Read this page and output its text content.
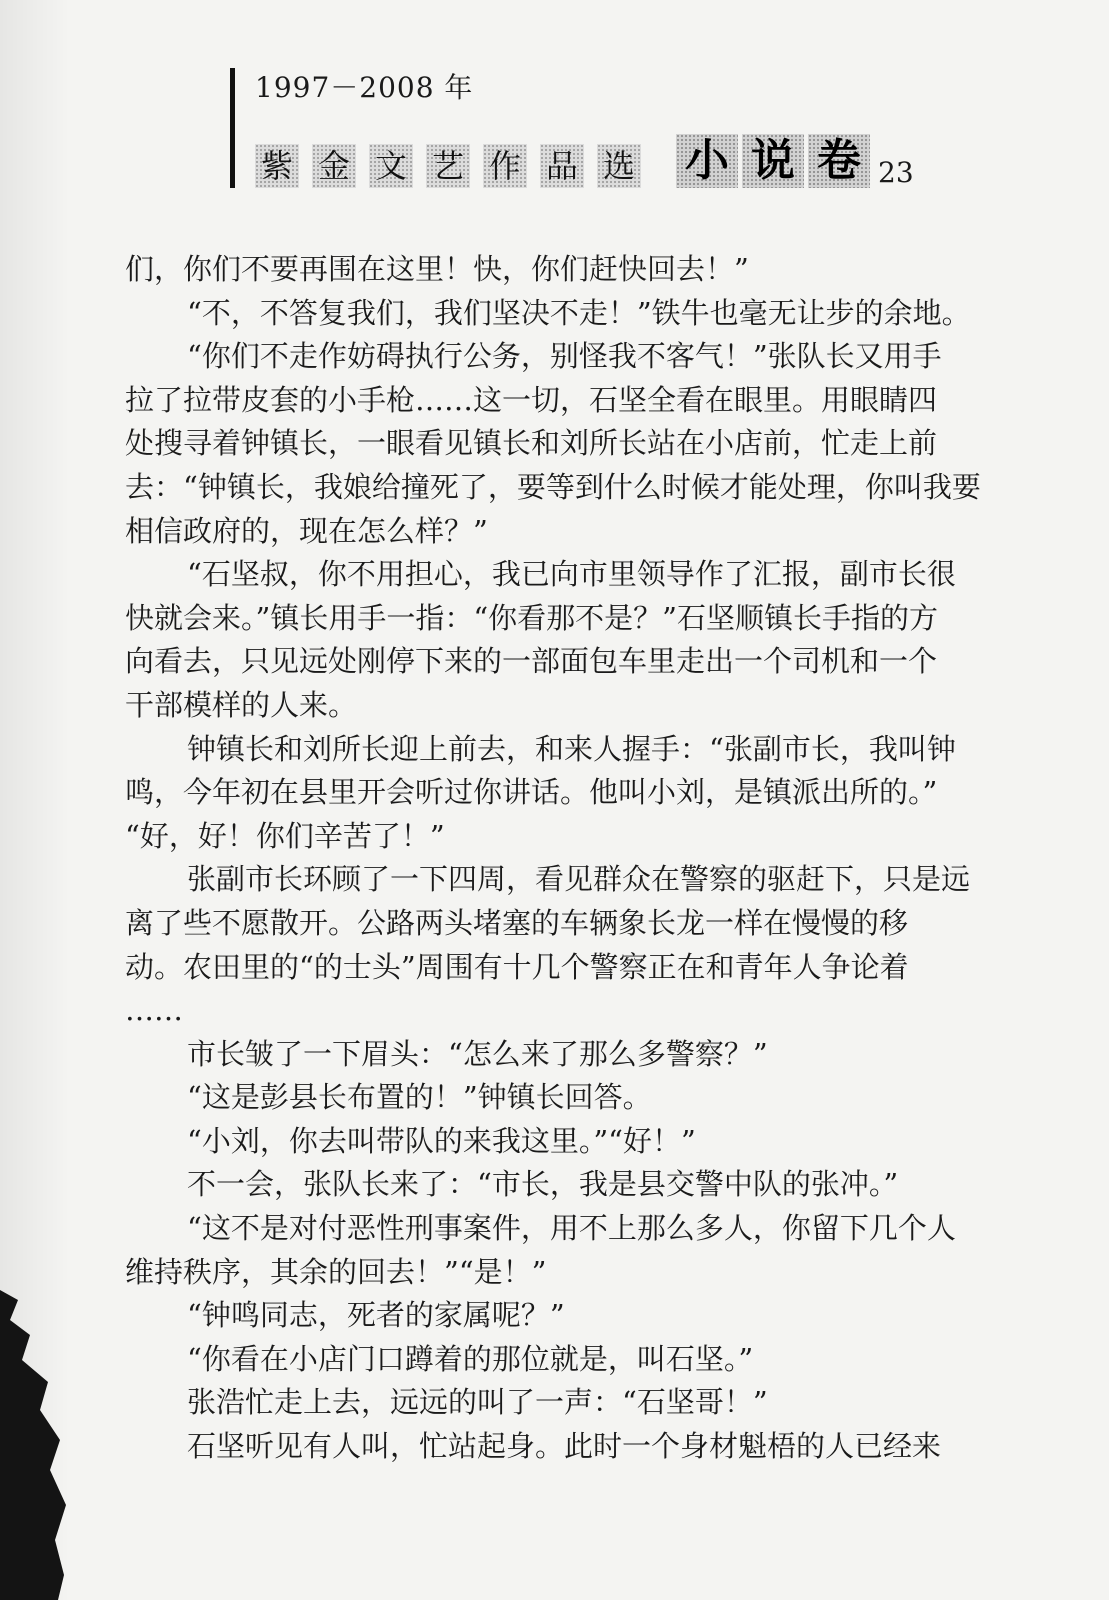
1997－2008 年
紫 金 文 艺 作 品 选 小 说 卷 23
们，你们不要再围在这里！快，你们赶快回去！”
“不，不答复我们，我们坚决不走！”铁牛也毫无让步的余地。
“你们不走作妨碍执行公务，别怪我不客气！”张队长又用手
拉了拉带皮套的小手枪……这一切，石坚全看在眼里。用眼睛四
处搜寻着钟镇长，一眼看见镇长和刘所长站在小店前，忙走上前
去：“钟镇长，我娘给撞死了，要等到什么时候才能处理，你叫我要
相信政府的，现在怎么样？”
“石坚叔，你不用担心，我已向市里领导作了汇报，副市长很
快就会来。”镇长用手一指：“你看那不是？”石坚顺镇长手指的方
向看去，只见远处刚停下来的一部面包车里走出一个司机和一个
干部模样的人来。
钟镇长和刘所长迎上前去，和来人握手：“张副市长，我叫钟
鸣，今年初在县里开会听过你讲话。他叫小刘，是镇派出所的。”
“好，好！你们辛苦了！”
张副市长环顾了一下四周，看见群众在警察的驱赶下，只是远
离了些不愿散开。公路两头堵塞的车辆象长龙一样在慢慢的移
动。农田里的“的士头”周围有十几个警察正在和青年人争论着
……
市长皱了一下眉头：“怎么来了那么多警察？”
“这是彭县长布置的！”钟镇长回答。
“小刘，你去叫带队的来我这里。”“好！”
不一会，张队长来了：“市长，我是县交警中队的张冲。”
“这不是对付恶性刑事案件，用不上那么多人，你留下几个人
维持秩序，其余的回去！”“是！”
“钟鸣同志，死者的家属呢？”
“你看在小店门口蹲着的那位就是，叫石坚。”
张浩忙走上去，远远的叫了一声：“石坚哥！”
石坚听见有人叫，忙站起身。此时一个身材魁梧的人已经来
